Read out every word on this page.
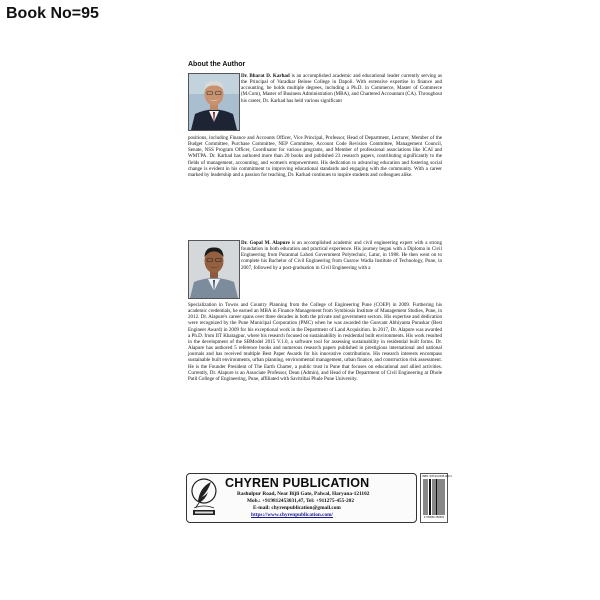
Book No=95
About the Author

Dr. Bharat D. Karhad is an accomplished academic and educational leader currently serving as the Principal of Varadkar Belose College in Dapoli. With extensive expertise in finance and accounting, he holds multiple degrees, including a Ph.D. in Commerce, Master of Commerce (M.Com), Master of Business Administration (MBA), and Chartered Accountant (CA). Throughout his career, Dr. Karhad has held various significant

positions, including Finance and Accounts Officer, Vice Principal, Professor, Head of Department, Lecturer, Member of the Budget Committee, Purchase Committee, NEP Committee, Account Code Revision Committee, Management Council, Senate, NSS Program Officer, Coordinator for various programs, and Member of professional associations like ICAI and WMTPA. Dr. Karhad has authored more than 20 books and published 23 research papers, contributing significantly to the fields of management, accounting, and women's empowerment. His dedication to advancing education and fostering social change is evident in his commitment to improving educational standards and engaging with the community. With a career marked by leadership and a passion for teaching, Dr. Karhad continues to inspire students and colleagues alike.

Dr. Gopal M. Alapure is an accomplished academic and civil engineering expert with a strong foundation in both education and practical experience. His journey began with a Diploma in Civil Engineering from Puranmal Lahoti Government Polytechnic, Latur, in 1988. He then went on to complete his Bachelor of Civil Engineering from Cusrow Wadia Institute of Technology, Pune, in 2007, followed by a post-graduation in Civil Engineering with a

Specialization in Towns and Country Planning from the College of Engineering Pune (COEP) in 2009. Furthering his academic credentials, he earned an MBA in Finance Management from Symbiosis Institute of Management Studies, Pune, in 2012. Dr. Alapure's career spans over three decades in both the private and government sectors. His expertise and dedication were recognized by the Pune Municipal Corporation (PMC) when he was awarded the Gunvant Abhiyanta Puraskar (Best Engineer Award) in 2009 for his exceptional work in the Department of Land Acquisition. In 2017, Dr. Alapure was awarded a Ph.D. from IIT Kharagpur, where his research focused on sustainability in residential built environments. His work resulted in the development of the SBModel 2015 V.1.0, a software tool for assessing sustainability in residential built forms. Dr. Alapure has authored 5 reference books and numerous research papers published in prestigious international and national journals and has received multiple Best Paper Awards for his innovative contributions. His research interests encompass sustainable built environments, urban planning, environmental management, urban finance, and construction risk assessment. He is the Founder President of The Earth Charter, a public trust in Pune that focuses on educational and allied activities. Currently, Dr. Alapure is an Associate Professor, Dean (Admin), and Head of the Department of Civil Engineering at Dhole Patil College of Engineering, Pune, affiliated with Savitribai Phule Pune University.

CHYREN PUBLICATION
Rashulpur Road, Near Bijli Gate, Palwal, Haryana-121102
Mob.: +919812453031,47, Tel: +911275-455-202
E-mail: chyrenpublication@gmail.com
https://www.chyrenpublication.com/
ISBN: 978-93-6045-060-3
9 789360 450603
